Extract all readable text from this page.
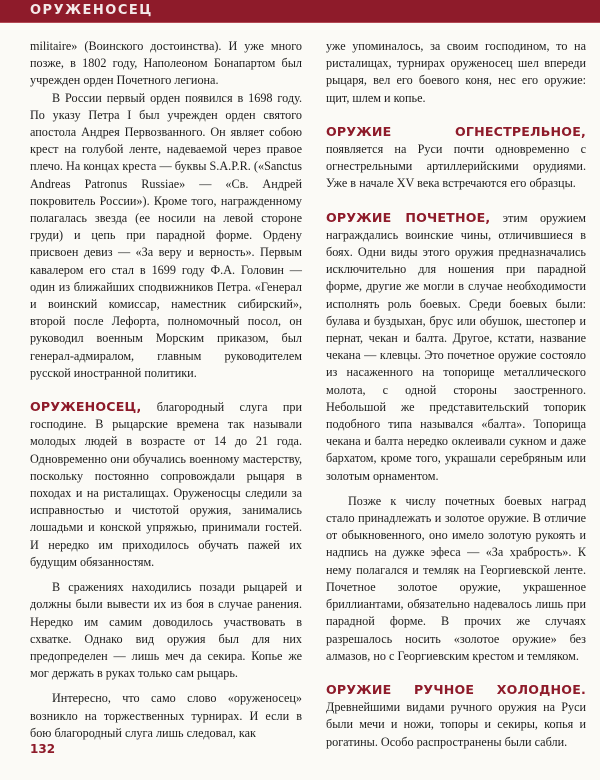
ОРУЖЕНОСЕЦ

militaire» (Воинского достоинства). И уже много позже, в 1802 году, Наполеоном Бонапартом был учрежден орден Почетного легиона.

В России первый орден появился в 1698 году. По указу Петра I был учрежден орден святого апостола Андрея Первозванного. Он являет собою крест на голубой ленте, надеваемой через правое плечо. На концах креста — буквы S.A.P.R. («Sanctus Andreas Patronus Russiae» — «Св. Андрей покровитель России»). Кроме того, награжденному полагалась звезда (ее носили на левой стороне груди) и цепь при парадной форме. Ордену присвоен девиз — «За веру и верность». Первым кавалером его стал в 1699 году Ф.А. Головин — один из ближайших сподвижников Петра. «Генерал и воинский комиссар, наместник сибирский», второй после Лефорта, полномочный посол, он руководил военным Морским приказом, был генерал-адмиралом, главным руководителем русской иностранной политики.

ОРУЖЕНОСЕЦ, благородный слуга при господине. В рыцарские времена так называли молодых людей в возрасте от 14 до 21 года. Одновременно они обучались военному мастерству, поскольку постоянно сопровождали рыцаря в походах и на ристалищах. Оруженосцы следили за исправностью и чистотой оружия, занимались лошадьми и конской упряжью, принимали гостей. И нередко им приходилось обучать пажей их будущим обязанностям.

В сражениях находились позади рыцарей и должны были вывести их из боя в случае ранения. Нередко им самим доводилось участвовать в схватке. Однако вид оружия был для них предопределен — лишь меч да секира. Копье же мог держать в руках только сам рыцарь.

Интересно, что само слово «оруженосец» возникло на торжественных турнирах. И если в бою благородный слуга лишь следовал, как

уже упоминалось, за своим господином, то на ристалищах, турнирах оруженосец шел впереди рыцаря, вел его боевого коня, нес его оружие: щит, шлем и копье.

ОРУЖИЕ ОГНЕСТРЕЛЬНОЕ, появляется на Руси почти одновременно с огнестрельными артиллерийскими орудиями. Уже в начале XV века встречаются его образцы.

ОРУЖИЕ ПОЧЕТНОЕ, этим оружием награждались воинские чины, отличившиеся в боях. Одни виды этого оружия предназначались исключительно для ношения при парадной форме, другие же могли в случае необходимости исполнять роль боевых. Среди боевых были: булава и буздыхан, брус или обушок, шестопер и пернат, чекан и балта. Другое, кстати, название чекана — клевцы. Это почетное оружие состояло из насаженного на топорище металлического молота, с одной стороны заостренного. Небольшой же представительский топорик подобного типа назывался «балта». Топорища чекана и балта нередко оклеивали сукном и даже бархатом, кроме того, украшали серебряным или золотым орнаментом.

Позже к числу почетных боевых наград стало принадлежать и золотое оружие. В отличие от обыкновенного, оно имело золотую рукоять и надпись на дужке эфеса — «За храбрость». К нему полагался и темляк на Георгиевской ленте. Почетное золотое оружие, украшенное бриллиантами, обязательно надевалось лишь при парадной форме. В прочих же случаях разрешалось носить «золотое оружие» без алмазов, но с Георгиевским крестом и темляком.

ОРУЖИЕ РУЧНОЕ ХОЛОДНОЕ. Древнейшими видами ручного оружия на Руси были мечи и ножи, топоры и секиры, копья и рогатины. Особо распространены были сабли.

132
